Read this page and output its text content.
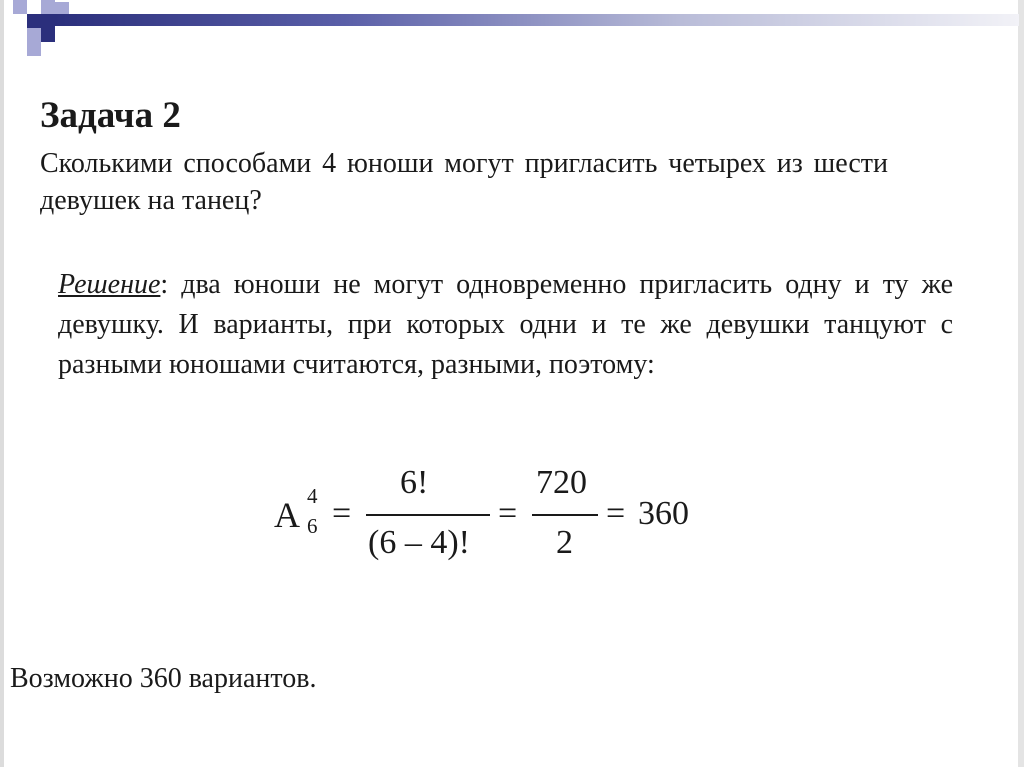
Задача 2

Сколькими способами 4 юноши могут пригласить четырех из шести девушек на танец?

Решение: два юноши не могут одновременно пригласить одну и ту же девушку. И варианты, при которых одни и те же девушки танцуют с разными юношами считаются, разными, поэтому:

A 4
6 =
6!
(6 – 4)!
=
720
2
= 360

Возможно 360 вариантов.
